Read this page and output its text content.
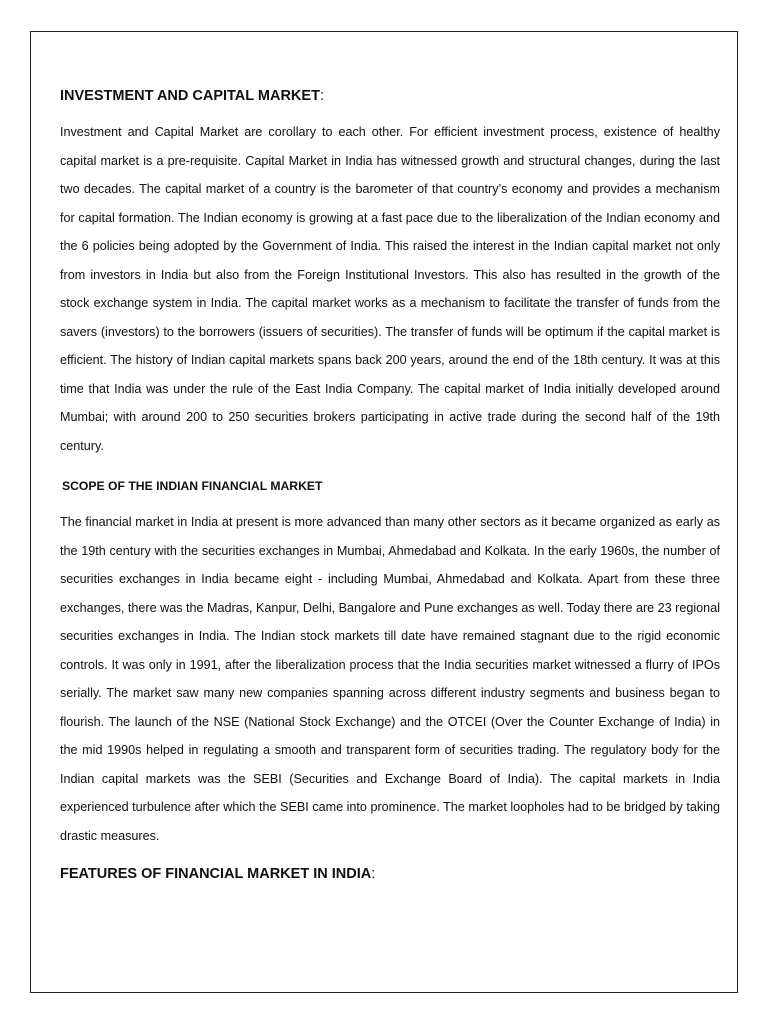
INVESTMENT AND CAPITAL MARKET:

Investment and Capital Market are corollary to each other. For efficient investment process, existence of healthy capital market is a pre-requisite. Capital Market in India has witnessed growth and structural changes, during the last two decades. The capital market of a country is the barometer of that country’s economy and provides a mechanism for capital formation. The Indian economy is growing at a fast pace due to the liberalization of the Indian economy and the 6 policies being adopted by the Government of India. This raised the interest in the Indian capital market not only from investors in India but also from the Foreign Institutional Investors. This also has resulted in the growth of the stock exchange system in India. The capital market works as a mechanism to facilitate the transfer of funds from the savers (investors) to the borrowers (issuers of securities). The transfer of funds will be optimum if the capital market is efficient. The history of Indian capital markets spans back 200 years, around the end of the 18th century. It was at this time that India was under the rule of the East India Company. The capital market of India initially developed around Mumbai; with around 200 to 250 securities brokers participating in active trade during the second half of the 19th century.

SCOPE OF THE INDIAN FINANCIAL MARKET

The financial market in India at present is more advanced than many other sectors as it became organized as early as the 19th century with the securities exchanges in Mumbai, Ahmedabad and Kolkata. In the early 1960s, the number of securities exchanges in India became eight - including Mumbai, Ahmedabad and Kolkata. Apart from these three exchanges, there was the Madras, Kanpur, Delhi, Bangalore and Pune exchanges as well. Today there are 23 regional securities exchanges in India. The Indian stock markets till date have remained stagnant due to the rigid economic controls. It was only in 1991, after the liberalization process that the India securities market witnessed a flurry of IPOs serially. The market saw many new companies spanning across different industry segments and business began to flourish. The launch of the NSE (National Stock Exchange) and the OTCEI (Over the Counter Exchange of India) in the mid 1990s helped in regulating a smooth and transparent form of securities trading. The regulatory body for the Indian capital markets was the SEBI (Securities and Exchange Board of India). The capital markets in India experienced turbulence after which the SEBI came into prominence. The market loopholes had to be bridged by taking drastic measures.

FEATURES OF FINANCIAL MARKET IN INDIA:
